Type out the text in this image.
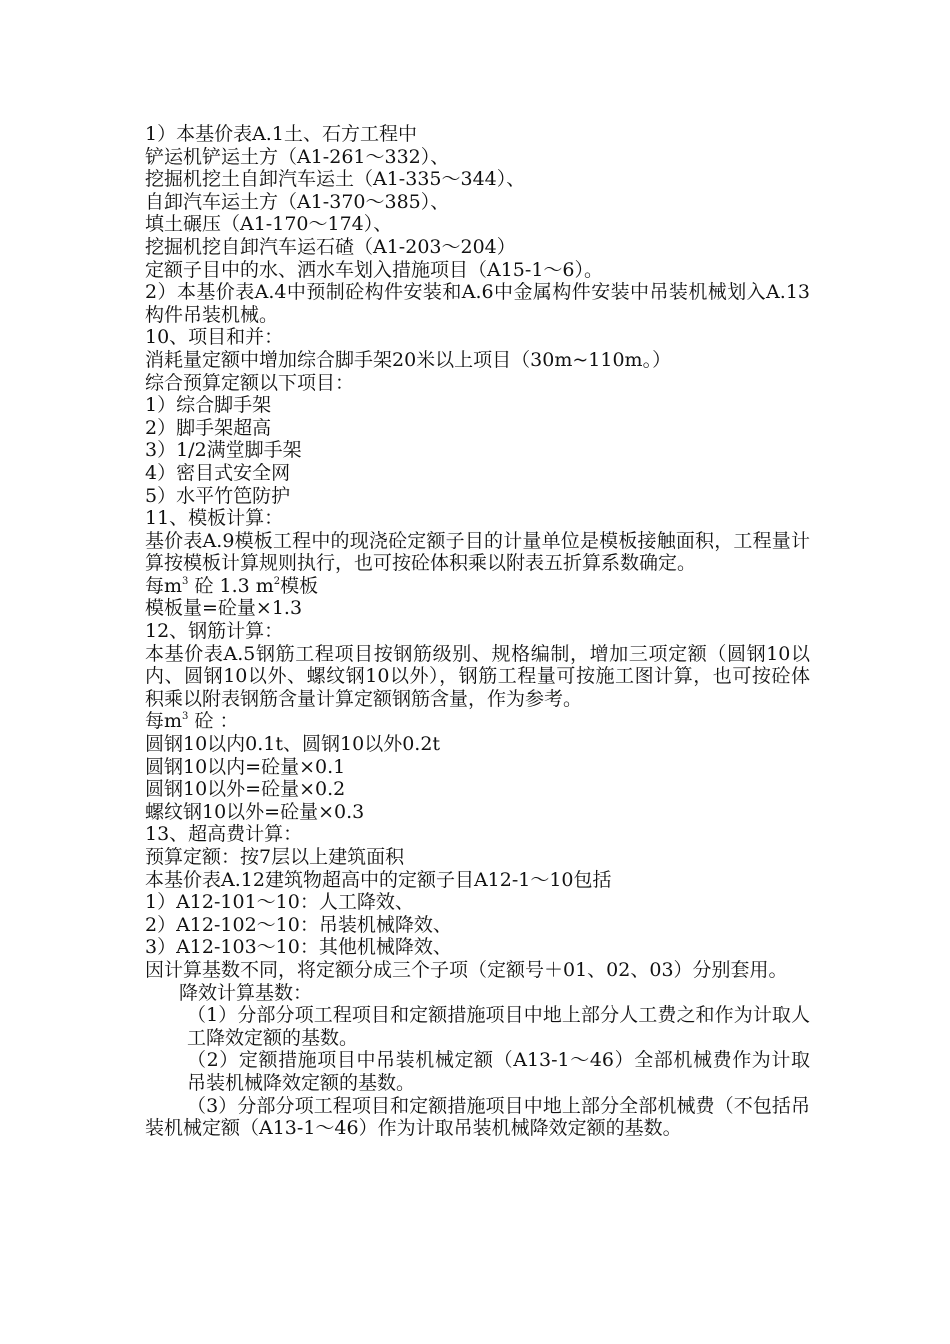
1）本基价表A.1土、石方工程中

铲运机铲运土方（A1-261～332）、

挖掘机挖土自卸汽车运土（A1-335～344）、

自卸汽车运土方（A1-370～385）、

填土碾压（A1-170～174）、

挖掘机挖自卸汽车运石碴（A1-203～204）

定额子目中的水、洒水车划入措施项目（A15-1～6）。

2）本基价表A.4中预制砼构件安装和A.6中金属构件安装中吊装机械划入A.13构件吊装机械。

10、项目和并：

消耗量定额中增加综合脚手架20米以上项目（30m~110m。）

综合预算定额以下项目：

1）综合脚手架

2）脚手架超高

3）1/2满堂脚手架

4）密目式安全网

5）水平竹笆防护

11、模板计算：

基价表A.9模板工程中的现浇砼定额子目的计量单位是模板接触面积，工程量计算按模板计算规则执行，也可按砼体积乘以附表五折算系数确定。

每$m^3$ 砼 1.3 $m^2$模板

模板量=砼量×1.3

12、钢筋计算：

本基价表A.5钢筋工程项目按钢筋级别、规格编制，增加三项定额（圆钢10以内、圆钢10以外、螺纹钢10以外），钢筋工程量可按施工图计算，也可按砼体积乘以附表钢筋含量计算定额钢筋含量，作为参考。

每$m^3$ 砼 ：

圆钢10以内0.1t、圆钢10以外0.2t

圆钢10以内=砼量×0.1

圆钢10以外=砼量×0.2

螺纹钢10以外=砼量×0.3

13、超高费计算：

预算定额：按7层以上建筑面积

本基价表A.12建筑物超高中的定额子目A12-1～10包括

1）A12-101～10：人工降效、

2）A12-102～10：吊装机械降效、

3）A12-103～10：其他机械降效、

因计算基数不同，将定额分成三个子项（定额号＋01、02、03）分别套用。

降效计算基数：

（1）分部分项工程项目和定额措施项目中地上部分人工费之和作为计取人工降效定额的基数。

（2）定额措施项目中吊装机械定额（A13-1～46）全部机械费作为计取吊装机械降效定额的基数。

（3）分部分项工程项目和定额措施项目中地上部分全部机械费（不包括吊装机械定额（A13-1～46）作为计取吊装机械降效定额的基数。
